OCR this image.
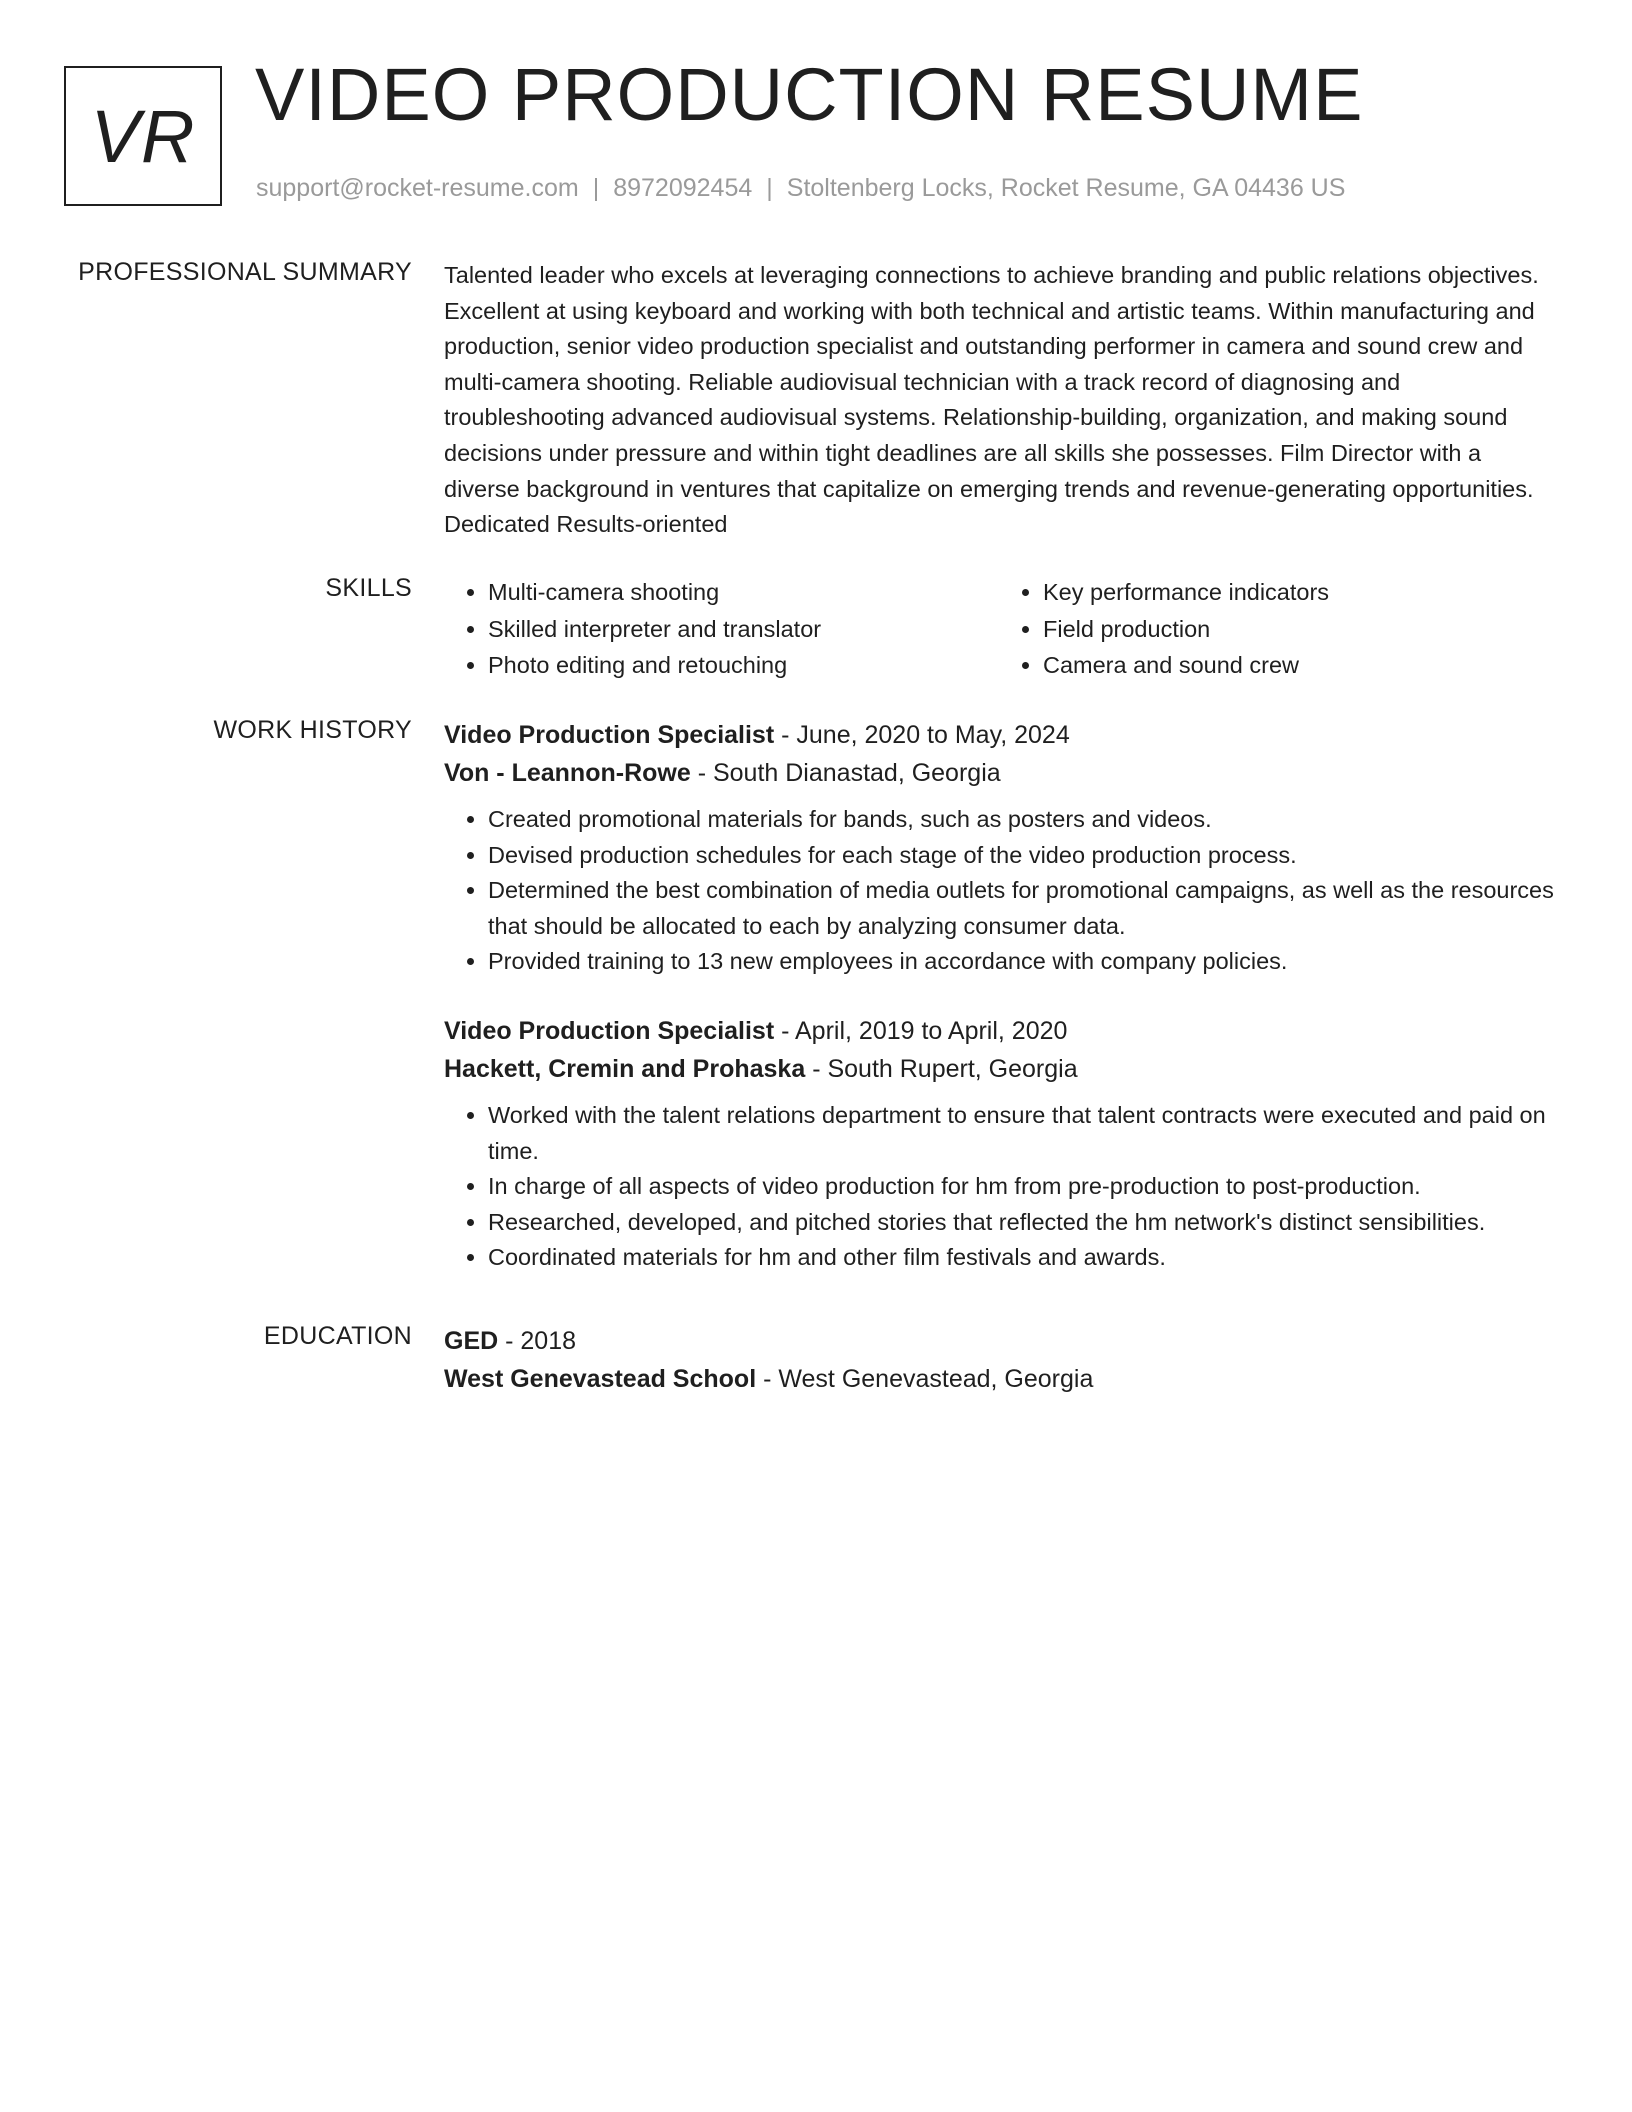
VR VIDEO PRODUCTION RESUME
support@rocket-resume.com | 8972092454 | Stoltenberg Locks, Rocket Resume, GA 04436 US
PROFESSIONAL SUMMARY Talented leader who excels at leveraging connections to achieve branding and public relations objectives. Excellent at using keyboard and working with both technical and artistic teams. Within manufacturing and production, senior video production specialist and outstanding performer in camera and sound crew and multi-camera shooting. Reliable audiovisual technician with a track record of diagnosing and troubleshooting advanced audiovisual systems. Relationship-building, organization, and making sound decisions under pressure and within tight deadlines are all skills she possesses. Film Director with a diverse background in ventures that capitalize on emerging trends and revenue-generating opportunities. Dedicated Results-oriented
SKILLS
•	Multi-camera shooting
• Skilled interpreter and translator
• Photo editing and retouching
• Key performance indicators
• Field production
• Camera and sound crew
WORK HISTORY Video Production Specialist - June, 2020 to May, 2024
Von - Leannon-Rowe - South Dianastad, Georgia
• Created promotional materials for bands, such as posters and videos.
• Devised production schedules for each stage of the video production process.
• Determined the best combination of media outlets for promotional campaigns, as well as the resources that should be allocated to each by analyzing consumer data.
• Provided training to 13 new employees in accordance with company policies.
Video Production Specialist - April, 2019 to April, 2020
Hackett, Cremin and Prohaska - South Rupert, Georgia
• Worked with the talent relations department to ensure that talent contracts were executed and paid on time.
• In charge of all aspects of video production for hm from pre-production to post-production.
• Researched, developed, and pitched stories that reflected the hm network's distinct sensibilities.
• Coordinated materials for hm and other film festivals and awards.
EDUCATION GED - 2018
West Genevastead School - West Genevastead, Georgia
